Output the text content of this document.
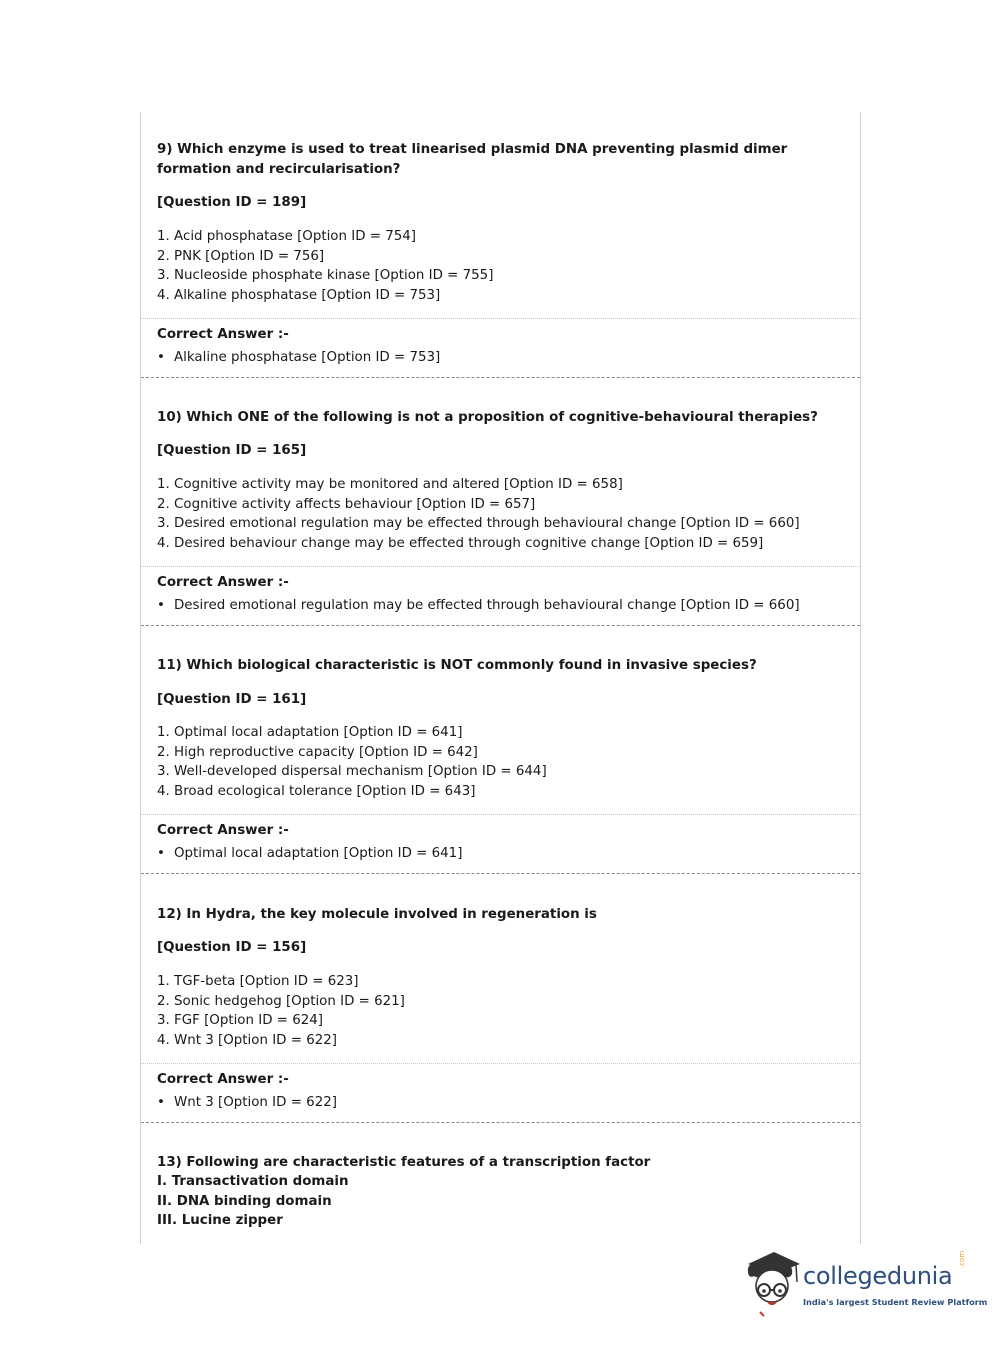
9) Which enzyme is used to treat linearised plasmid DNA preventing plasmid dimer formation and recircularisation?
[Question ID = 189]
1. Acid phosphatase [Option ID = 754]
2. PNK [Option ID = 756]
3. Nucleoside phosphate kinase [Option ID = 755]
4. Alkaline phosphatase [Option ID = 753]
Correct Answer :-
• Alkaline phosphatase [Option ID = 753]
10) Which ONE of the following is not a proposition of cognitive-behavioural therapies?
[Question ID = 165]
1. Cognitive activity may be monitored and altered [Option ID = 658]
2. Cognitive activity affects behaviour [Option ID = 657]
3. Desired emotional regulation may be effected through behavioural change [Option ID = 660]
4. Desired behaviour change may be effected through cognitive change [Option ID = 659]
Correct Answer :-
• Desired emotional regulation may be effected through behavioural change [Option ID = 660]
11) Which biological characteristic is NOT commonly found in invasive species?
[Question ID = 161]
1. Optimal local adaptation [Option ID = 641]
2. High reproductive capacity [Option ID = 642]
3. Well-developed dispersal mechanism [Option ID = 644]
4. Broad ecological tolerance [Option ID = 643]
Correct Answer :-
• Optimal local adaptation [Option ID = 641]
12) In Hydra, the key molecule involved in regeneration is
[Question ID = 156]
1. TGF-beta [Option ID = 623]
2. Sonic hedgehog [Option ID = 621]
3. FGF [Option ID = 624]
4. Wnt 3 [Option ID = 622]
Correct Answer :-
• Wnt 3 [Option ID = 622]
13) Following are characteristic features of a transcription factor
I. Transactivation domain
II. DNA binding domain
III. Lucine zipper
collegedunia
.com
India's largest Student Review Platform
